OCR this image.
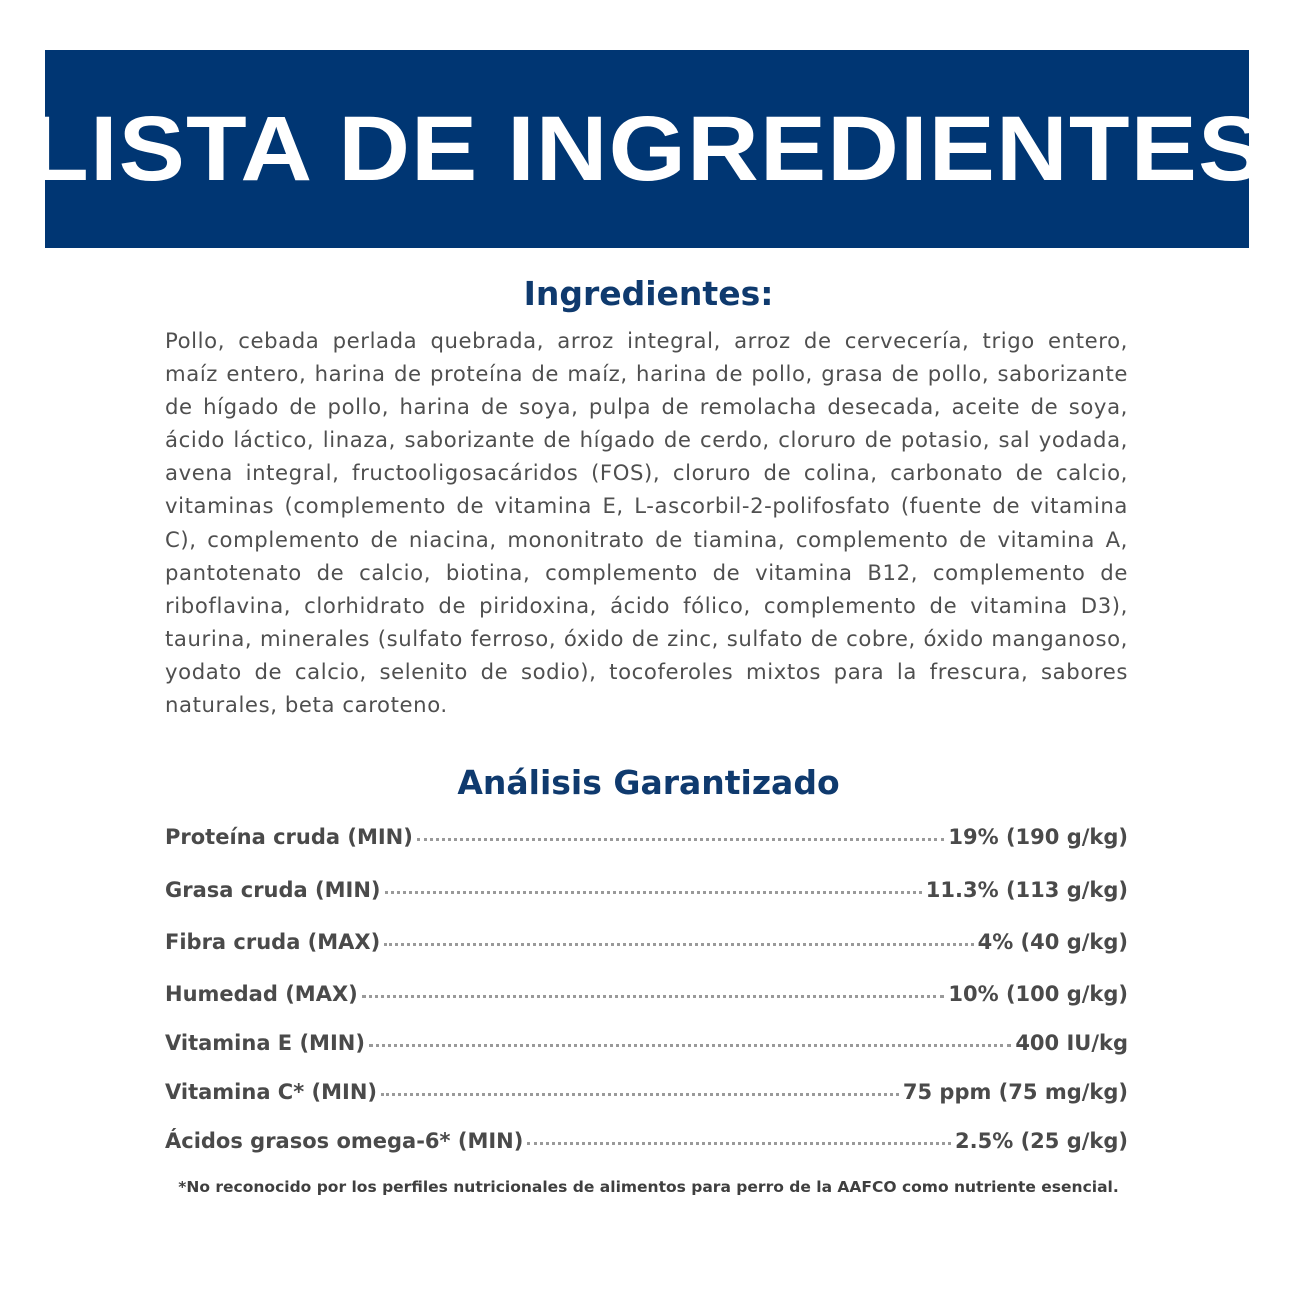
LISTA DE INGREDIENTES
Ingredientes:

Pollo, cebada perlada quebrada, arroz integral, arroz de cervecería, trigo entero, maíz entero, harina de proteína de maíz, harina de pollo, grasa de pollo, saborizante de hígado de pollo, harina de soya, pulpa de remolacha desecada, aceite de soya, ácido láctico, linaza, saborizante de hígado de cerdo, cloruro de potasio, sal yodada, avena integral, fructooligosacáridos (FOS), cloruro de colina, carbonato de calcio, vitaminas (complemento de vitamina E, L-ascorbil-2-polifosfato (fuente de vitamina C), complemento de niacina, mononitrato de tiamina, complemento de vitamina A, pantotenato de calcio, biotina, complemento de vitamina B12, complemento de riboflavina, clorhidrato de piridoxina, ácido fólico, complemento de vitamina D3), taurina, minerales (sulfato ferroso, óxido de zinc, sulfato de cobre, óxido manganoso, yodato de calcio, selenito de sodio), tocoferoles mixtos para la frescura, sabores naturales, beta caroteno.

Análisis Garantizado
Proteína cruda (MIN)	19% (190 g/kg)
Grasa cruda (MIN)	11.3% (113 g/kg)
Fibra cruda (MAX)	4% (40 g/kg)
Humedad (MAX)	10% (100 g/kg)
Vitamina E (MIN)	400 IU/kg
Vitamina C* (MIN)	75 ppm (75 mg/kg)
Ácidos grasos omega-6* (MIN)	2.5% (25 g/kg)

*No reconocido por los perfiles nutricionales de alimentos para perro de la AAFCO como nutriente esencial.
